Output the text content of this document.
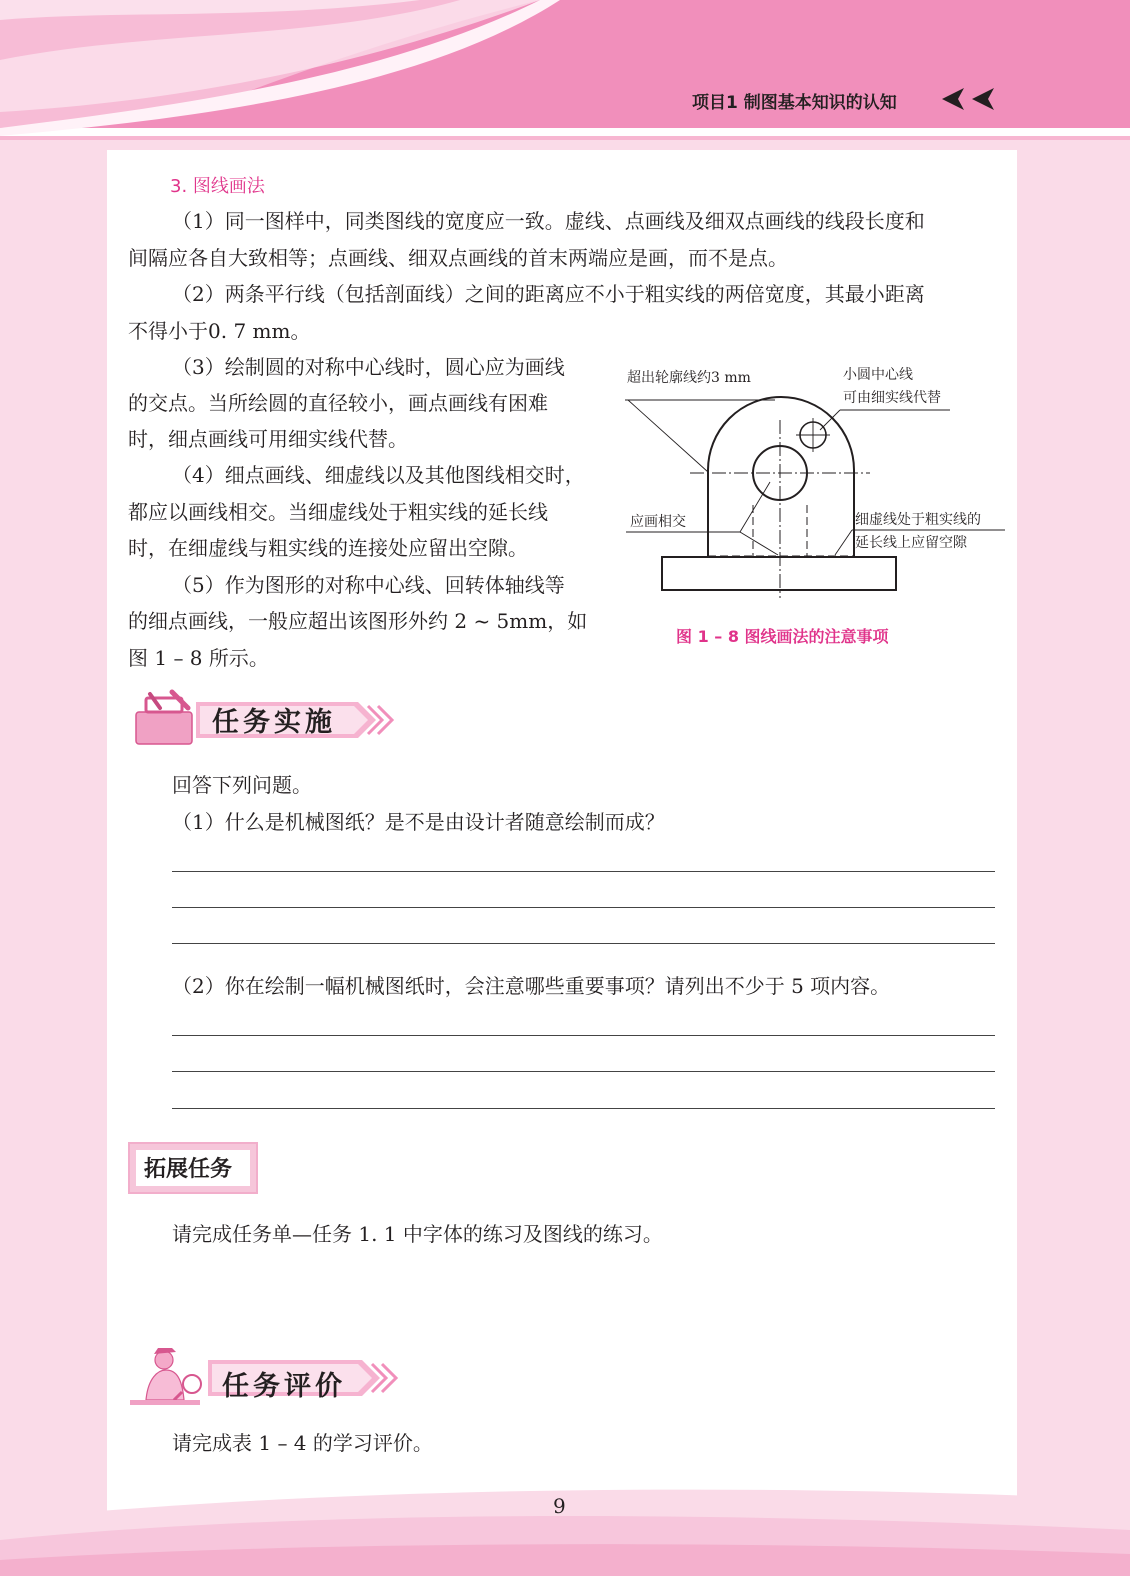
项目1 制图基本知识的认知
3. 图线画法
（1）同一图样中，同类图线的宽度应一致。虚线、点画线及细双点画线的线段长度和
间隔应各自大致相等；点画线、细双点画线的首末两端应是画，而不是点。
（2）两条平行线（包括剖面线）之间的距离应不小于粗实线的两倍宽度，其最小距离
不得小于0. 7 mm。
（3）绘制圆的对称中心线时，圆心应为画线
的交点。当所绘圆的直径较小，画点画线有困难
时，细点画线可用细实线代替。
（4）细点画线、细虚线以及其他图线相交时，
都应以画线相交。当细虚线处于粗实线的延长线
时，在细虚线与粗实线的连接处应留出空隙。
（5）作为图形的对称中心线、回转体轴线等
的细点画线，一般应超出该图形外约 2 ~ 5mm，如
图 1 – 8 所示。
超出轮廓线约3 mm	小圆中心线
可由细实线代替
应画相交	细虚线处于粗实线的
延长线上应留空隙
图 1 – 8 图线画法的注意事项
任务实施
回答下列问题。
（1）什么是机械图纸？是不是由设计者随意绘制而成？
（2）你在绘制一幅机械图纸时，会注意哪些重要事项？请列出不少于 5 项内容。
拓展任务
请完成任务单—任务 1. 1 中字体的练习及图线的练习。
任务评价
请完成表 1 – 4 的学习评价。
9
